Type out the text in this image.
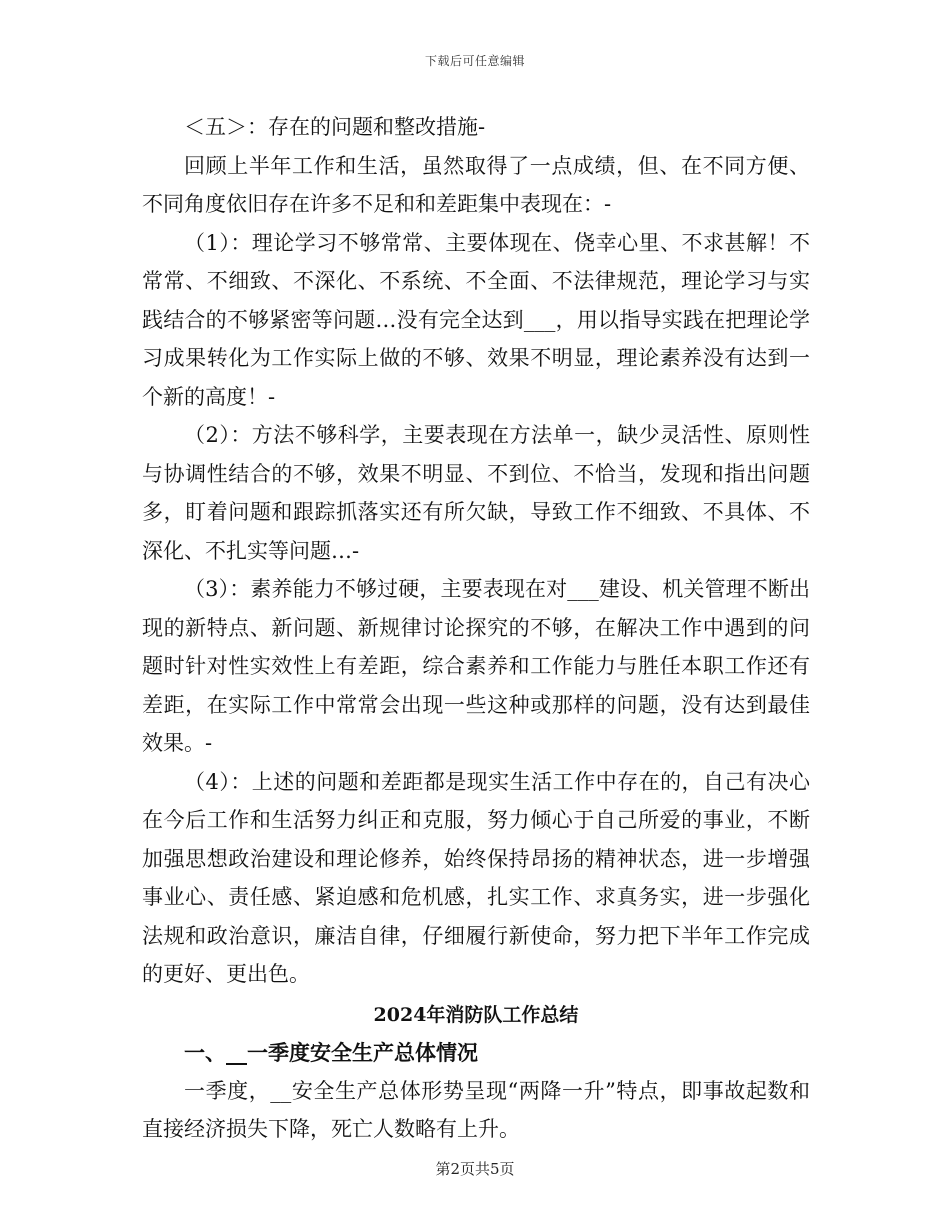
下载后可任意编辑

＜五＞：存在的问题和整改措施-

回顾上半年工作和生活，虽然取得了一点成绩，但、在不同方便、不同角度依旧存在许多不足和和差距集中表现在：-

（1）：理论学习不够常常、主要体现在、侥幸心里、不求甚解！不常常、不细致、不深化、不系统、不全面、不法律规范，理论学习与实践结合的不够紧密等问题…没有完全达到___，用以指导实践在把理论学习成果转化为工作实际上做的不够、效果不明显，理论素养没有达到一个新的高度！-

（2）：方法不够科学，主要表现在方法单一，缺少灵活性、原则性与协调性结合的不够，效果不明显、不到位、不恰当，发现和指出问题多，盯着问题和跟踪抓落实还有所欠缺，导致工作不细致、不具体、不深化、不扎实等问题…-

（3）：素养能力不够过硬，主要表现在对___建设、机关管理不断出现的新特点、新问题、新规律讨论探究的不够，在解决工作中遇到的问题时针对性实效性上有差距，综合素养和工作能力与胜任本职工作还有差距，在实际工作中常常会出现一些这种或那样的问题，没有达到最佳效果。-

（4）：上述的问题和差距都是现实生活工作中存在的，自己有决心在今后工作和生活努力纠正和克服，努力倾心于自己所爱的事业，不断加强思想政治建设和理论修养，始终保持昂扬的精神状态，进一步增强事业心、责任感、紧迫感和危机感，扎实工作、求真务实，进一步强化法规和政治意识，廉洁自律，仔细履行新使命，努力把下半年工作完成的更好、更出色。

2024年消防队工作总结

一、__一季度安全生产总体情况

一季度，__安全生产总体形势呈现“两降一升”特点，即事故起数和直接经济损失下降，死亡人数略有上升。

第2页共5页
